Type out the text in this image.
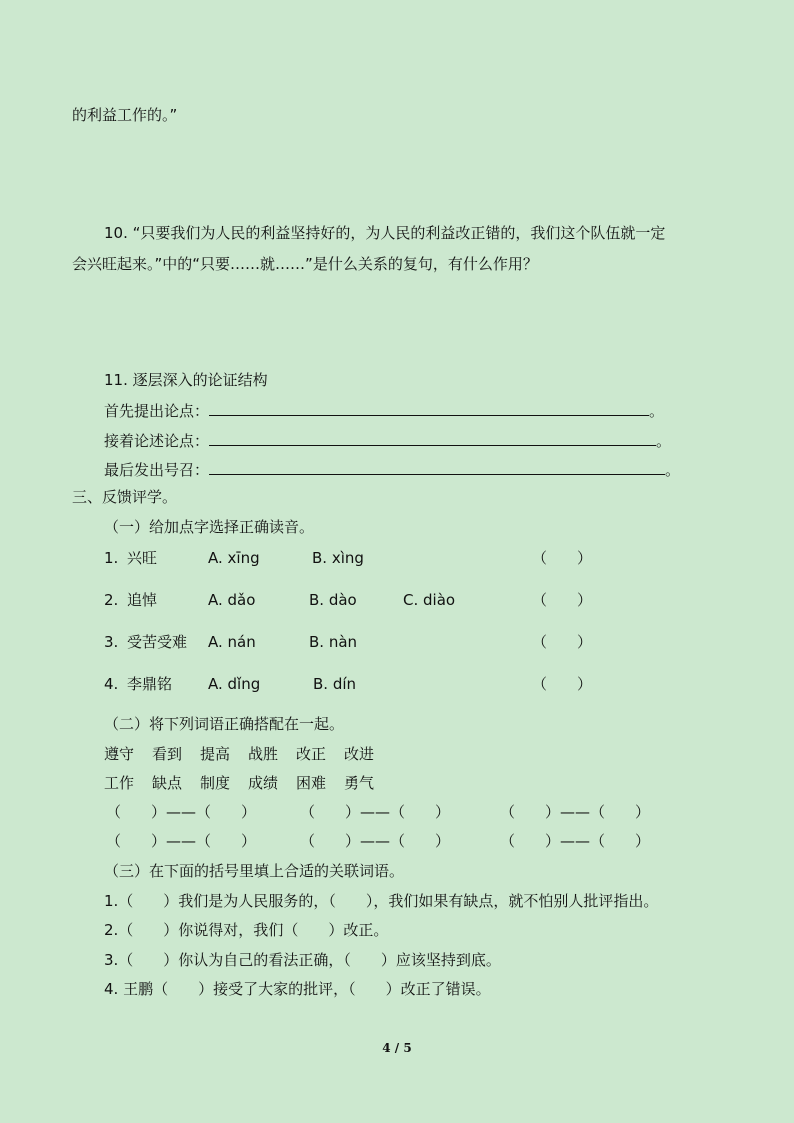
的利益工作的。”
10. “只要我们为人民的利益坚持好的，为人民的利益改正错的，我们这个队伍就一定
会兴旺起来。”中的“只要……就……”是什么关系的复句，有什么作用？
11. 逐层深入的论证结构
首先提出论点：	。
接着论述论点：	。
最后发出号召：	。
三、反馈评学。
（一）给加点字选择正确读音。
1. 兴旺	A. xīng	B. xìng	（　　）
2. 追悼	A. dǎo	B. dào	C. diào	（　　）
3. 受苦受难 A. nán	B. nàn	（　　）
4. 李鼎铭 A. dǐng	B. dín	（　　）
（二）将下列词语正确搭配在一起。
遵守 看到 提高 战胜 改正 改进
工作 缺点 制度 成绩 困难 勇气
（　　）——（　　）	（　　）——（　　）	（　　）——（　　）
（　　）——（　　）	（　　）——（　　）	（　　）——（　　）
（三）在下面的括号里填上合适的关联词语。
1.（　　）我们是为人民服务的，（　　），我们如果有缺点，就不怕别人批评指出。
2.（　　）你说得对，我们（　　）改正。
3.（　　）你认为自己的看法正确，（　　）应该坚持到底。
4. 王鹏（　　）接受了大家的批评，（　　）改正了错误。
4 / 5
